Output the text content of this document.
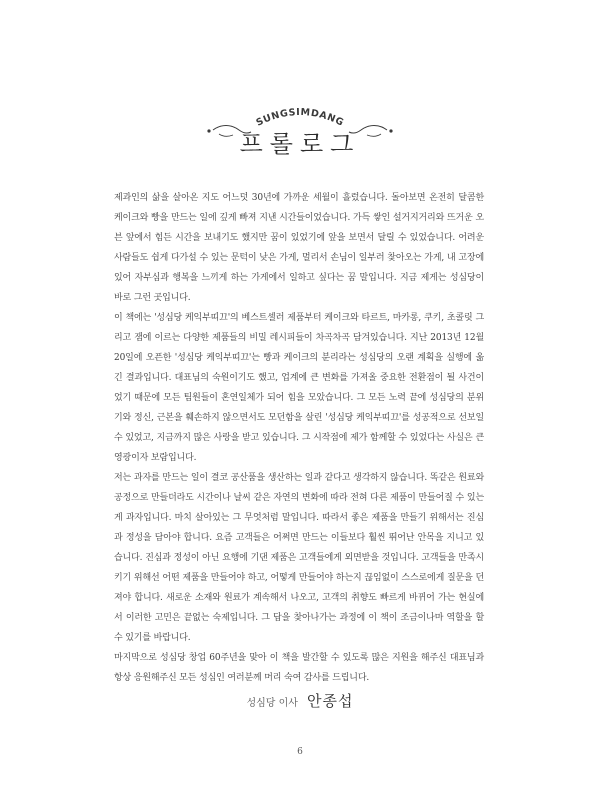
SUNGSIMDANG
프롤로그

제과인의 삶을 살아온 지도 어느덧 30년에 가까운 세월이 흘렀습니다. 돌아보면 온전히 달콤한 케이크와 빵을 만드는 일에 깊게 빠져 지낸 시간들이었습니다. 가득 쌓인 설거지거리와 뜨거운 오븐 앞에서 힘든 시간을 보내기도 했지만 꿈이 있었기에 앞을 보면서 달릴 수 있었습니다. 어려운 사람들도 쉽게 다가설 수 있는 문턱이 낮은 가게, 멀리서 손님이 일부러 찾아오는 가게, 내 고장에 있어 자부심과 행복을 느끼게 하는 가게에서 일하고 싶다는 꿈 말입니다. 지금 제게는 성심당이 바로 그런 곳입니다.

이 책에는 '성심당 케익부띠끄'의 베스트셀러 제품부터 케이크와 타르트, 마카롱, 쿠키, 초콜릿 그리고 잼에 이르는 다양한 제품들의 비밀 레시피들이 차곡차곡 담겨있습니다. 지난 2013년 12월 20일에 오픈한 '성심당 케익부띠끄'는 빵과 케이크의 분리라는 성심당의 오랜 계획을 실행에 옮긴 결과입니다. 대표님의 숙원이기도 했고, 업계에 큰 변화를 가져올 중요한 전환점이 될 사건이었기 때문에 모든 팀원들이 혼연일체가 되어 힘을 모았습니다. 그 모든 노력 끝에 성심당의 분위기와 정신, 근본을 훼손하지 않으면서도 모던함을 살린 '성심당 케익부띠끄'를 성공적으로 선보일 수 있었고, 지금까지 많은 사랑을 받고 있습니다. 그 시작점에 제가 함께할 수 있었다는 사실은 큰 영광이자 보람입니다.

저는 과자를 만드는 일이 결코 공산품을 생산하는 일과 같다고 생각하지 않습니다. 똑같은 원료와 공정으로 만들더라도 시간이나 날씨 같은 자연의 변화에 따라 전혀 다른 제품이 만들어질 수 있는 게 과자입니다. 마치 살아있는 그 무엇처럼 말입니다. 따라서 좋은 제품을 만들기 위해서는 진심과 정성을 담아야 합니다. 요즘 고객들은 어쩌면 만드는 이들보다 훨씬 뛰어난 안목을 지니고 있습니다. 진심과 정성이 아닌 요행에 기댄 제품은 고객들에게 외면받을 것입니다. 고객들을 만족시키기 위해선 어떤 제품을 만들어야 하고, 어떻게 만들어야 하는지 끊임없이 스스로에게 질문을 던져야 합니다. 새로운 소재와 원료가 계속해서 나오고, 고객의 취향도 빠르게 바뀌어 가는 현실에서 이러한 고민은 끝없는 숙제입니다. 그 답을 찾아나가는 과정에 이 책이 조금이나마 역할을 할 수 있기를 바랍니다.

마지막으로 성심당 창업 60주년을 맞아 이 책을 발간할 수 있도록 많은 지원을 해주신 대표님과 항상 응원해주신 모든 성심인 여러분께 머리 숙여 감사를 드립니다.

성심당 이사 안종섭
6
